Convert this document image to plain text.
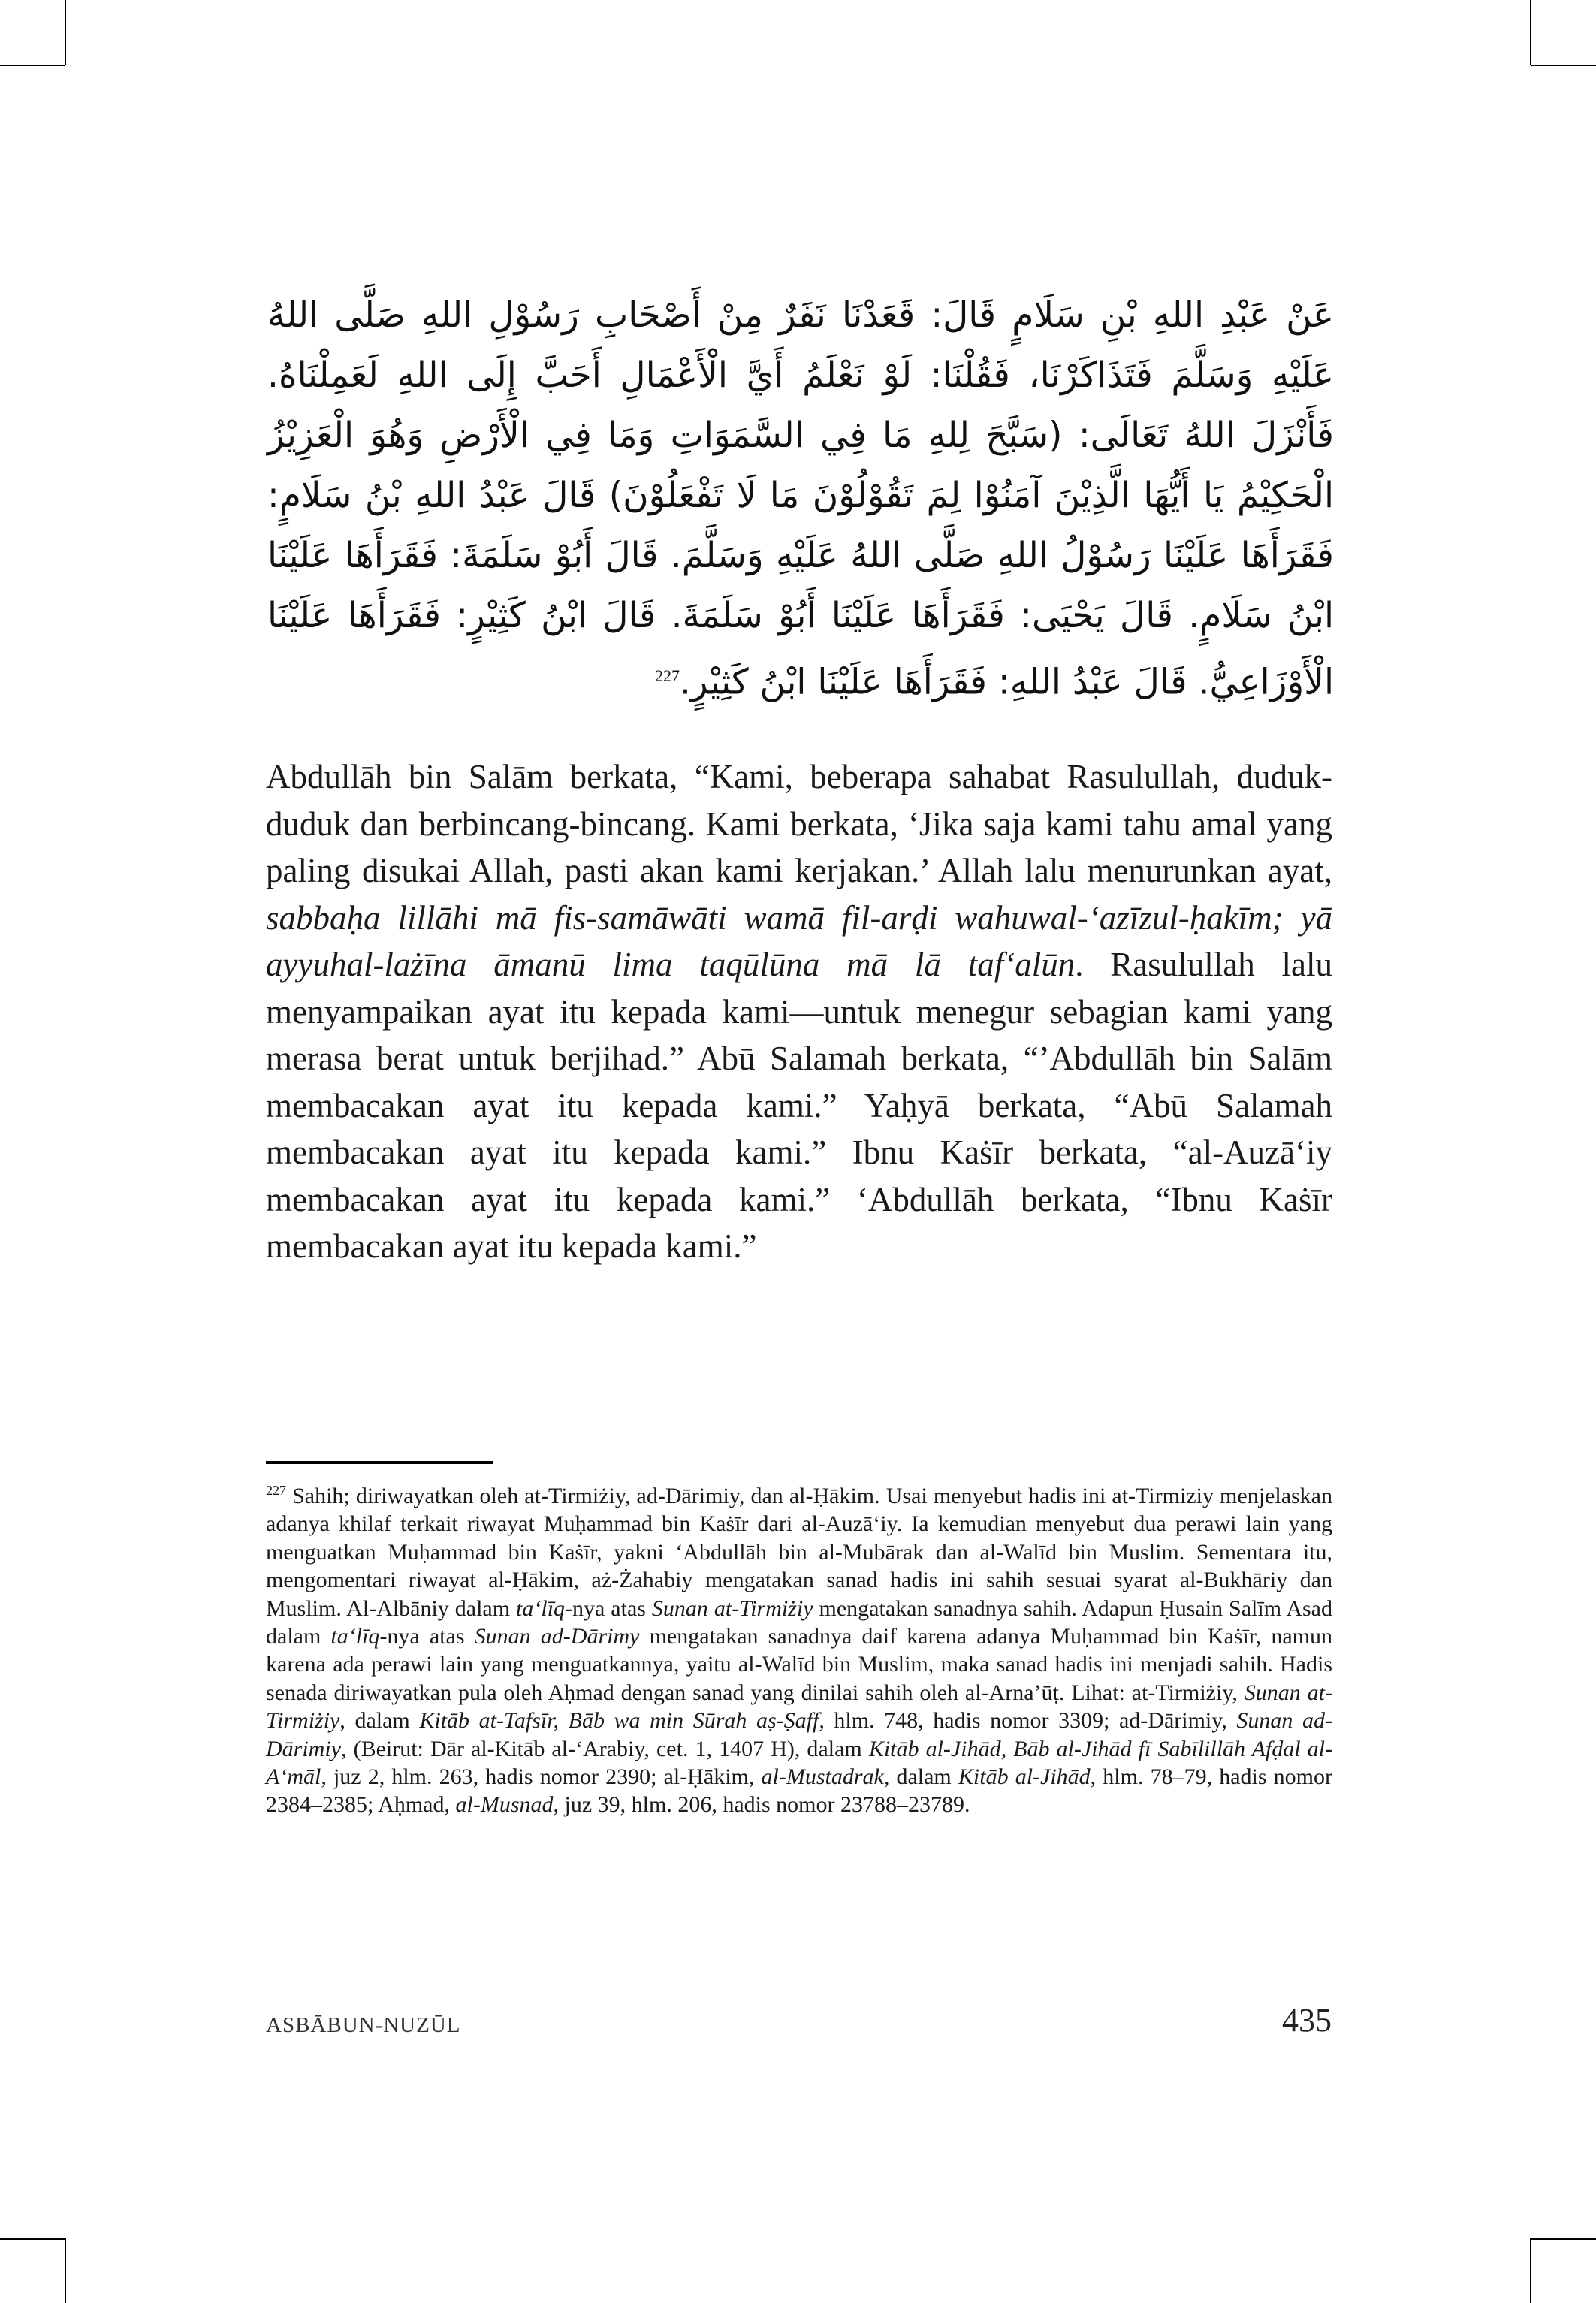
عَنْ عَبْدِ اللهِ بْنِ سَلَامٍ قَالَ: قَعَدْنَا نَفَرٌ مِنْ أَصْحَابِ رَسُوْلِ اللهِ صَلَّى اللهُ عَلَيْهِ وَسَلَّمَ فَتَذَاكَرْنَا، فَقُلْنَا: لَوْ نَعْلَمُ أَيَّ الْأَعْمَالِ أَحَبَّ إِلَى اللهِ لَعَمِلْنَاهُ. فَأَنْزَلَ اللهُ تَعَالَى: (سَبَّحَ لِلهِ مَا فِي السَّمَوَاتِ وَمَا فِي الْأَرْضِ وَهُوَ الْعَزِيْزُ الْحَكِيْمُ يَا أَيُّهَا الَّذِيْنَ آمَنُوْا لِمَ تَقُوْلُوْنَ مَا لَا تَفْعَلُوْنَ) قَالَ عَبْدُ اللهِ بْنُ سَلَامٍ: فَقَرَأَهَا عَلَيْنَا رَسُوْلُ اللهِ صَلَّى اللهُ عَلَيْهِ وَسَلَّمَ. قَالَ أَبُوْ سَلَمَةَ: فَقَرَأَهَا عَلَيْنَا ابْنُ سَلَامٍ. قَالَ يَحْيَى: فَقَرَأَهَا عَلَيْنَا أَبُوْ سَلَمَةَ. قَالَ ابْنُ كَثِيْرٍ: فَقَرَأَهَا عَلَيْنَا الْأَوْزَاعِيُّ. قَالَ عَبْدُ اللهِ: فَقَرَأَهَا عَلَيْنَا ابْنُ كَثِيْرٍ.$^{227}$
Abdullāh bin Salām berkata, “Kami, beberapa sahabat Rasulullah, duduk-duduk dan berbincang-bincang. Kami berkata, ‘Jika saja kami tahu amal yang paling disukai Allah, pasti akan kami kerjakan.’ Allah lalu menurunkan ayat, sabbaḥa lillāhi mā fis-samāwāti wamā fil-arḍi wahuwal-‘azīzul-ḥakīm; yā ayyuhal-lażīna āmanū lima taqūlūna mā lā taf‘alūn. Rasulullah lalu menyampaikan ayat itu kepada kami—untuk menegur sebagian kami yang merasa berat untuk berjihad.” Abū Salamah berkata, “’Abdullāh bin Salām membacakan ayat itu kepada kami.” Yaḥyā berkata, “Abū Salamah membacakan ayat itu kepada kami.” Ibnu Kaṡīr berkata, “al-Auzā‘iy membacakan ayat itu kepada kami.” ‘Abdullāh berkata, “Ibnu Kaṡīr membacakan ayat itu kepada kami.”
$^{227}$ Sahih; diriwayatkan oleh at-Tirmiżiy, ad-Dārimiy, dan al-Ḥākim. Usai menyebut hadis ini at-Tirmiziy menjelaskan adanya khilaf terkait riwayat Muḥammad bin Kaṡīr dari al-Auzā‘iy. Ia kemudian menyebut dua perawi lain yang menguatkan Muḥammad bin Kaṡīr, yakni ‘Abdullāh bin al-Mubārak dan al-Walīd bin Muslim. Sementara itu, mengomentari riwayat al-Ḥākim, aż-Żahabiy mengatakan sanad hadis ini sahih sesuai syarat al-Bukhāriy dan Muslim. Al-Albāniy dalam ta‘līq-nya atas Sunan at-Tirmiżiy mengatakan sanadnya sahih. Adapun Ḥusain Salīm Asad dalam ta‘līq-nya atas Sunan ad-Dārimy mengatakan sanadnya daif karena adanya Muḥammad bin Kaṡīr, namun karena ada perawi lain yang menguatkannya, yaitu al-Walīd bin Muslim, maka sanad hadis ini menjadi sahih. Hadis senada diriwayatkan pula oleh Aḥmad dengan sanad yang dinilai sahih oleh al-Arna’ūṭ. Lihat: at-Tirmiżiy, Sunan at-Tirmiżiy, dalam Kitāb at-Tafsīr, Bāb wa min Sūrah aṣ-Ṣaff, hlm. 748, hadis nomor 3309; ad-Dārimiy, Sunan ad-Dārimiy, (Beirut: Dār al-Kitāb al-‘Arabiy, cet. 1, 1407 H), dalam Kitāb al-Jihād, Bāb al-Jihād fī Sabīlillāh Afḍal al-A‘māl, juz 2, hlm. 263, hadis nomor 2390; al-Ḥākim, al-Mustadrak, dalam Kitāb al-Jihād, hlm. 78–79, hadis nomor 2384–2385; Aḥmad, al-Musnad, juz 39, hlm. 206, hadis nomor 23788–23789.
ASBĀBUN-NUZŪL	435
